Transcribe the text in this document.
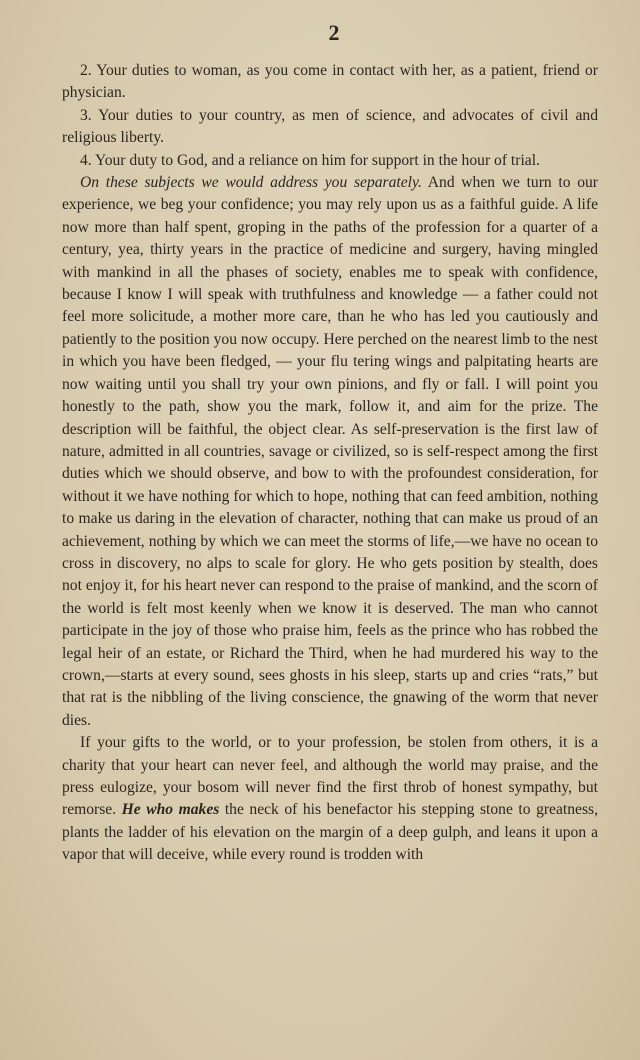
2

2. Your duties to woman, as you come in contact with her, as a patient, friend or physician.

3. Your duties to your country, as men of science, and advocates of civil and religious liberty.

4. Your duty to God, and a reliance on him for support in the hour of trial.

On these subjects we would address you separately. And when we turn to our experience, we beg your confidence; you may rely upon us as a faithful guide. A life now more than half spent, groping in the paths of the profession for a quarter of a century, yea, thirty years in the practice of medicine and surgery, having mingled with mankind in all the phases of society, enables me to speak with confidence, because I know I will speak with truthfulness and knowledge — a father could not feel more solicitude, a mother more care, than he who has led you cautiously and patiently to the position you now occupy. Here perched on the nearest limb to the nest in which you have been fledged, — your flu tering wings and palpitating hearts are now waiting until you shall try your own pinions, and fly or fall. I will point you honestly to the path, show you the mark, follow it, and aim for the prize. The description will be faithful, the object clear. As self-preservation is the first law of nature, admitted in all countries, savage or civilized, so is self-respect among the first duties which we should observe, and bow to with the profoundest consideration, for without it we have nothing for which to hope, nothing that can feed ambition, nothing to make us daring in the elevation of character, nothing that can make us proud of an achievement, nothing by which we can meet the storms of life,—we have no ocean to cross in discovery, no alps to scale for glory. He who gets position by stealth, does not enjoy it, for his heart never can respond to the praise of mankind, and the scorn of the world is felt most keenly when we know it is deserved. The man who cannot participate in the joy of those who praise him, feels as the prince who has robbed the legal heir of an estate, or Richard the Third, when he had murdered his way to the crown,—starts at every sound, sees ghosts in his sleep, starts up and cries “rats,” but that rat is the nibbling of the living conscience, the gnawing of the worm that never dies.

If your gifts to the world, or to your profession, be stolen from others, it is a charity that your heart can never feel, and although the world may praise, and the press eulogize, your bosom will never find the first throb of honest sympathy, but remorse. He who makes the neck of his benefactor his stepping stone to greatness, plants the ladder of his elevation on the margin of a deep gulph, and leans it upon a vapor that will deceive, while every round is trodden with
